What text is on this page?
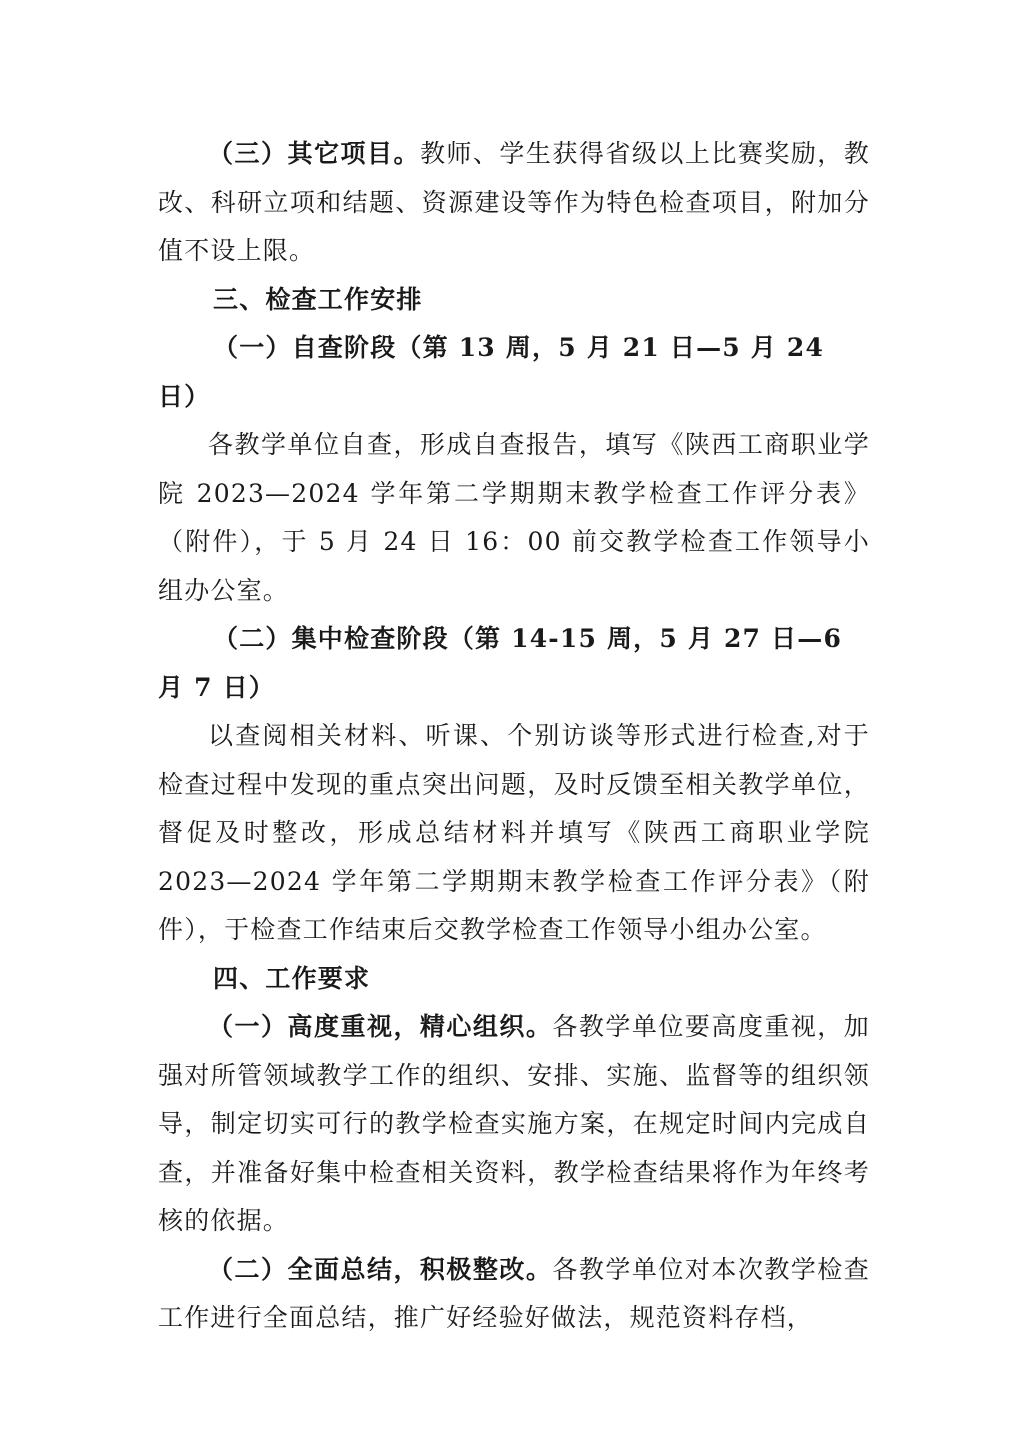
（三）其它项目。教师、学生获得省级以上比赛奖励，教改、科研立项和结题、资源建设等作为特色检查项目，附加分值不设上限。

三、检查工作安排

（一）自查阶段（第 13 周，5 月 21 日—5 月 24 日）

各教学单位自查，形成自查报告，填写《陕西工商职业学院 2023—2024 学年第二学期期末教学检查工作评分表》（附件），于 5 月 24 日 16：00 前交教学检查工作领导小组办公室。

（二）集中检查阶段（第 14-15 周，5 月 27 日—6 月 7 日）

以查阅相关材料、听课、个别访谈等形式进行检查,对于检查过程中发现的重点突出问题，及时反馈至相关教学单位，督促及时整改，形成总结材料并填写《陕西工商职业学院 2023—2024 学年第二学期期末教学检查工作评分表》（附件），于检查工作结束后交教学检查工作领导小组办公室。

四、工作要求

（一）高度重视，精心组织。各教学单位要高度重视，加强对所管领域教学工作的组织、安排、实施、监督等的组织领导，制定切实可行的教学检查实施方案，在规定时间内完成自查，并准备好集中检查相关资料，教学检查结果将作为年终考核的依据。

（二）全面总结，积极整改。各教学单位对本次教学检查工作进行全面总结，推广好经验好做法，规范资料存档，
